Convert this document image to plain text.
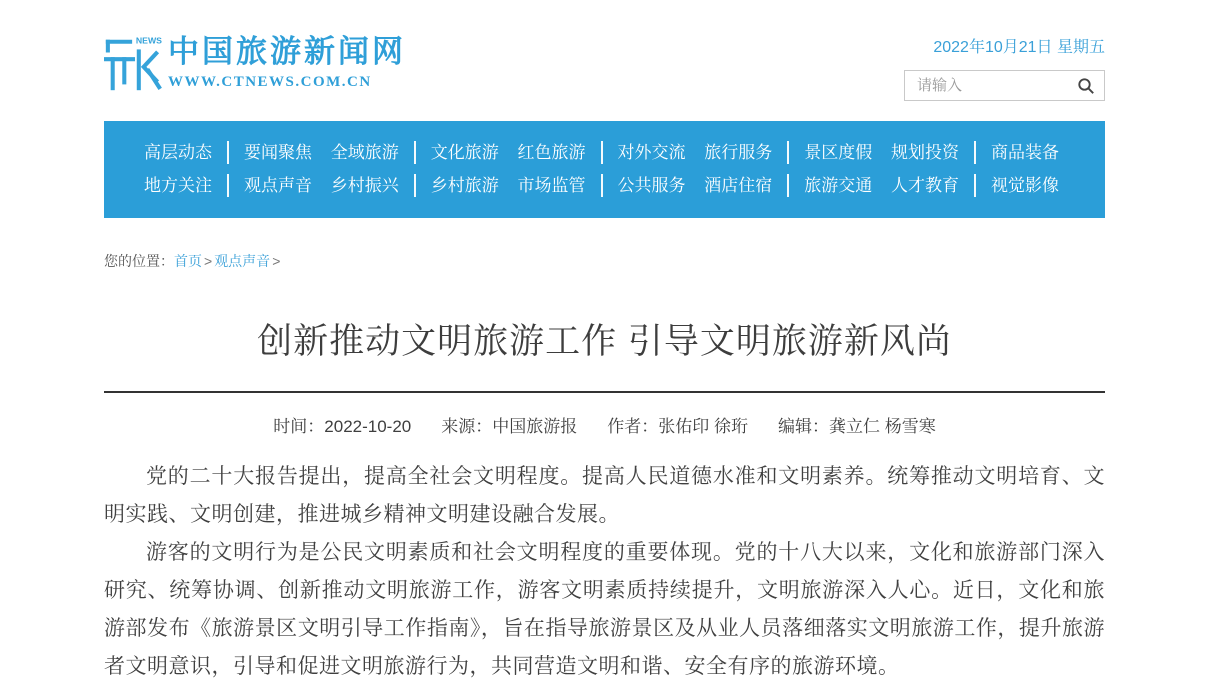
NEWS 中国旅游新闻网
WWW.CTNEWS.COM.CN
2022年10月21日 星期五
请输入
高层动态 要闻聚焦 全域旅游 文化旅游 红色旅游 对外交流 旅行服务 景区度假 规划投资 商品装备
地方关注 观点声音 乡村振兴 乡村旅游 市场监管 公共服务 酒店住宿 旅游交通 人才教育 视觉影像
您的位置：首页 > 观点声音 >
创新推动文明旅游工作 引导文明旅游新风尚
时间：2022-10-20 来源：中国旅游报 作者：张佑印 徐珩 编辑：龚立仁 杨雪寒

党的二十大报告提出，提高全社会文明程度。提高人民道德水准和文明素养。统筹推动文明培育、文明实践、文明创建，推进城乡精神文明建设融合发展。

游客的文明行为是公民文明素质和社会文明程度的重要体现。党的十八大以来，文化和旅游部门深入研究、统筹协调、创新推动文明旅游工作，游客文明素质持续提升，文明旅游深入人心。近日，文化和旅游部发布《旅游景区文明引导工作指南》，旨在指导旅游景区及从业人员落细落实文明旅游工作，提升旅游者文明意识，引导和促进文明旅游行为，共同营造文明和谐、安全有序的旅游环境。
